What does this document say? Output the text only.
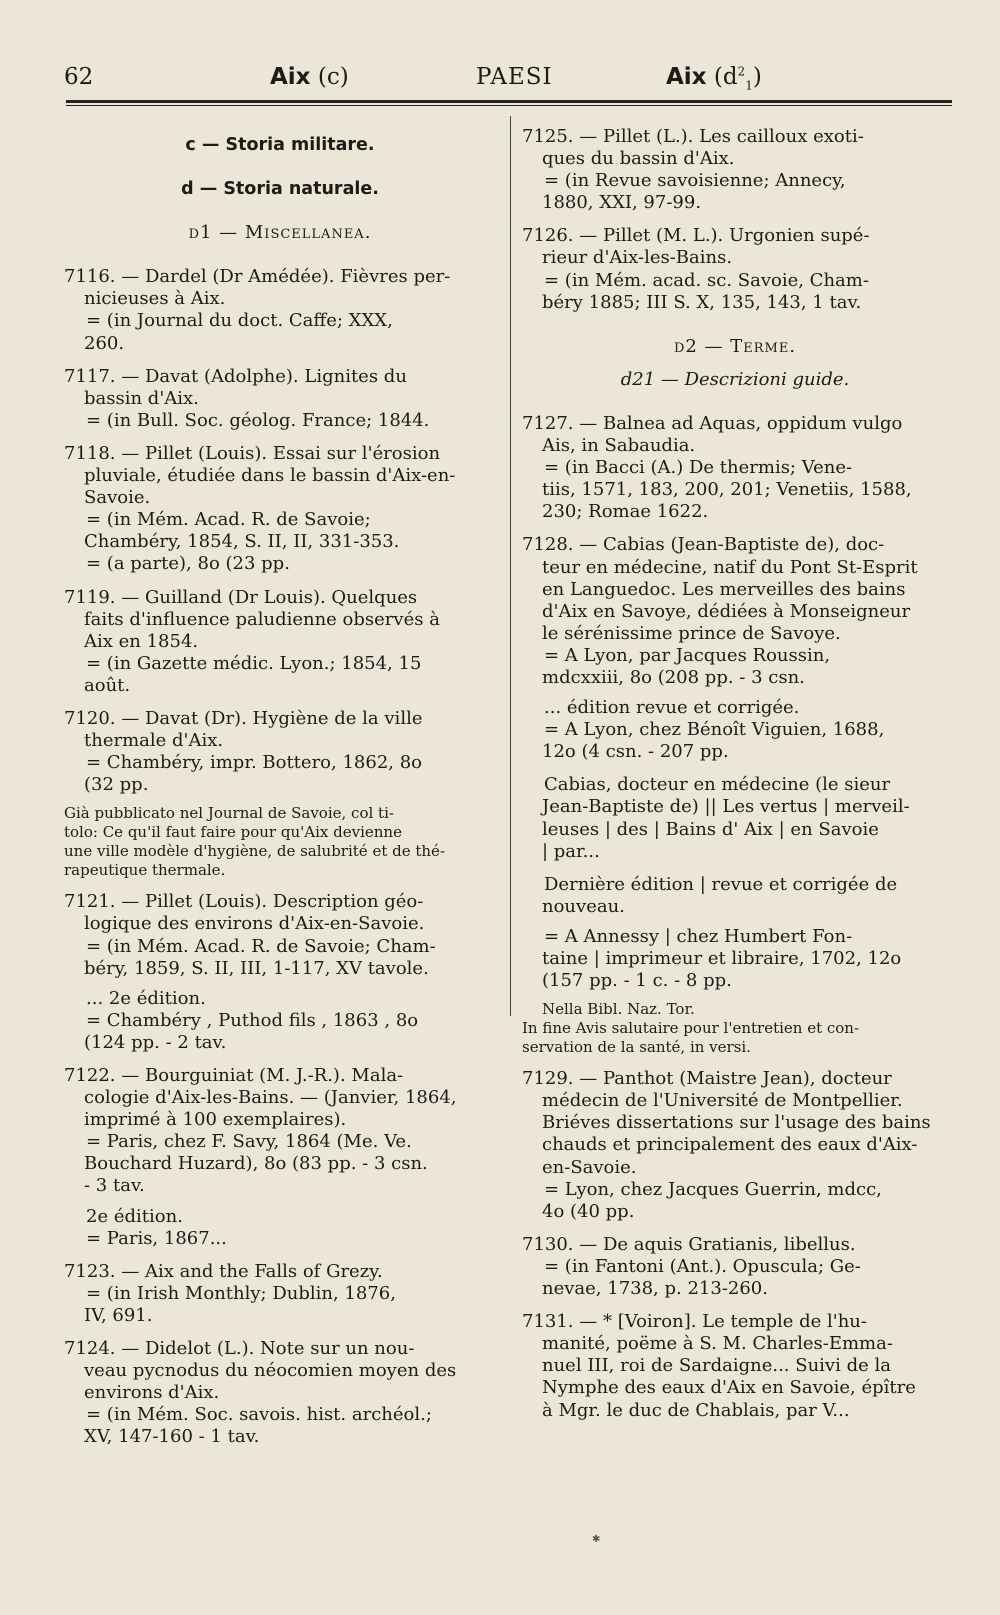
62	Aix (c)	PAESI	Aix $(d^2_1)$
c — Storia militare.
d — Storia naturale.
d1 — Miscellanea.
7116. — Dardel (Dr Amédée). Fièvres per-
nicieuses à Aix.
= (in Journal du doct. Caffe; XXX,
260.
7117. — Davat (Adolphe). Lignites du
bassin d'Aix.
= (in Bull. Soc. géolog. France; 1844.
7118. — Pillet (Louis). Essai sur l'érosion
pluviale, étudiée dans le bassin d'Aix-en-
Savoie.
= (in Mém. Acad. R. de Savoie;
Chambéry, 1854, S. II, II, 331-353.
= (a parte), 8o (23 pp.
7119. — Guilland (Dr Louis). Quelques
faits d'influence paludienne observés à
Aix en 1854.
= (in Gazette médic. Lyon.; 1854, 15
août.
7120. — Davat (Dr). Hygiène de la ville
thermale d'Aix.
= Chambéry, impr. Bottero, 1862, 8o
(32 pp.
Già pubblicato nel Journal de Savoie, col ti-
tolo: Ce qu'il faut faire pour qu'Aix devienne
une ville modèle d'hygiène, de salubrité et de thé-
rapeutique thermale.
7121. — Pillet (Louis). Description géo-
logique des environs d'Aix-en-Savoie.
= (in Mém. Acad. R. de Savoie; Cham-
béry, 1859, S. II, III, 1-117, XV tavole.
... 2e édition.
= Chambéry , Puthod fils , 1863 , 8o
(124 pp. - 2 tav.
7122. — Bourguiniat (M. J.-R.). Mala-
cologie d'Aix-les-Bains. — (Janvier, 1864,
imprimé à 100 exemplaires).
= Paris, chez F. Savy, 1864 (Me. Ve.
Bouchard Huzard), 8o (83 pp. - 3 csn.
- 3 tav.
2e édition.
= Paris, 1867...
7123. — Aix and the Falls of Grezy.
= (in Irish Monthly; Dublin, 1876,
IV, 691.
7124. — Didelot (L.). Note sur un nou-
veau pycnodus du néocomien moyen des
environs d'Aix.
= (in Mém. Soc. savois. hist. archéol.;
XV, 147-160 - 1 tav.
7125. — Pillet (L.). Les cailloux exoti-
ques du bassin d'Aix.
= (in Revue savoisienne; Annecy,
1880, XXI, 97-99.
7126. — Pillet (M. L.). Urgonien supé-
rieur d'Aix-les-Bains.
= (in Mém. acad. sc. Savoie, Cham-
béry 1885; III S. X, 135, 143, 1 tav.
d2 — Terme.
d21 — Descrizioni guide.
7127. — Balnea ad Aquas, oppidum vulgo
Ais, in Sabaudia.
= (in Bacci (A.) De thermis; Vene-
tiis, 1571, 183, 200, 201; Venetiis, 1588,
230; Romae 1622.
7128. — Cabias (Jean-Baptiste de), doc-
teur en médecine, natif du Pont St-Esprit
en Languedoc. Les merveilles des bains
d'Aix en Savoye, dédiées à Monseigneur
le sérénissime prince de Savoye.
= A Lyon, par Jacques Roussin,
mdcxxiii, 8o (208 pp. - 3 csn.
... édition revue et corrigée.
= A Lyon, chez Bénoît Viguien, 1688,
12o (4 csn. - 207 pp.
Cabias, docteur en médecine (le sieur
Jean-Baptiste de) || Les vertus | merveil-
leuses | des | Bains d' Aix | en Savoie
| par...
Dernière édition | revue et corrigée de
nouveau.
= A Annessy | chez Humbert Fon-
taine | imprimeur et libraire, 1702, 12o
(157 pp. - 1 c. - 8 pp.
Nella Bibl. Naz. Tor.
In fine Avis salutaire pour l'entretien et con-
servation de la santé, in versi.
7129. — Panthot (Maistre Jean), docteur
médecin de l'Université de Montpellier.
Briéves dissertations sur l'usage des bains
chauds et principalement des eaux d'Aix-
en-Savoie.
= Lyon, chez Jacques Guerrin, mdcc,
4o (40 pp.
7130. — De aquis Gratianis, libellus.
= (in Fantoni (Ant.). Opuscula; Ge-
nevae, 1738, p. 213-260.
7131. — * [Voiron]. Le temple de l'hu-
manité, poëme à S. M. Charles-Emma-
nuel III, roi de Sardaigne... Suivi de la
Nymphe des eaux d'Aix en Savoie, épître
à Mgr. le duc de Chablais, par V...
✱
